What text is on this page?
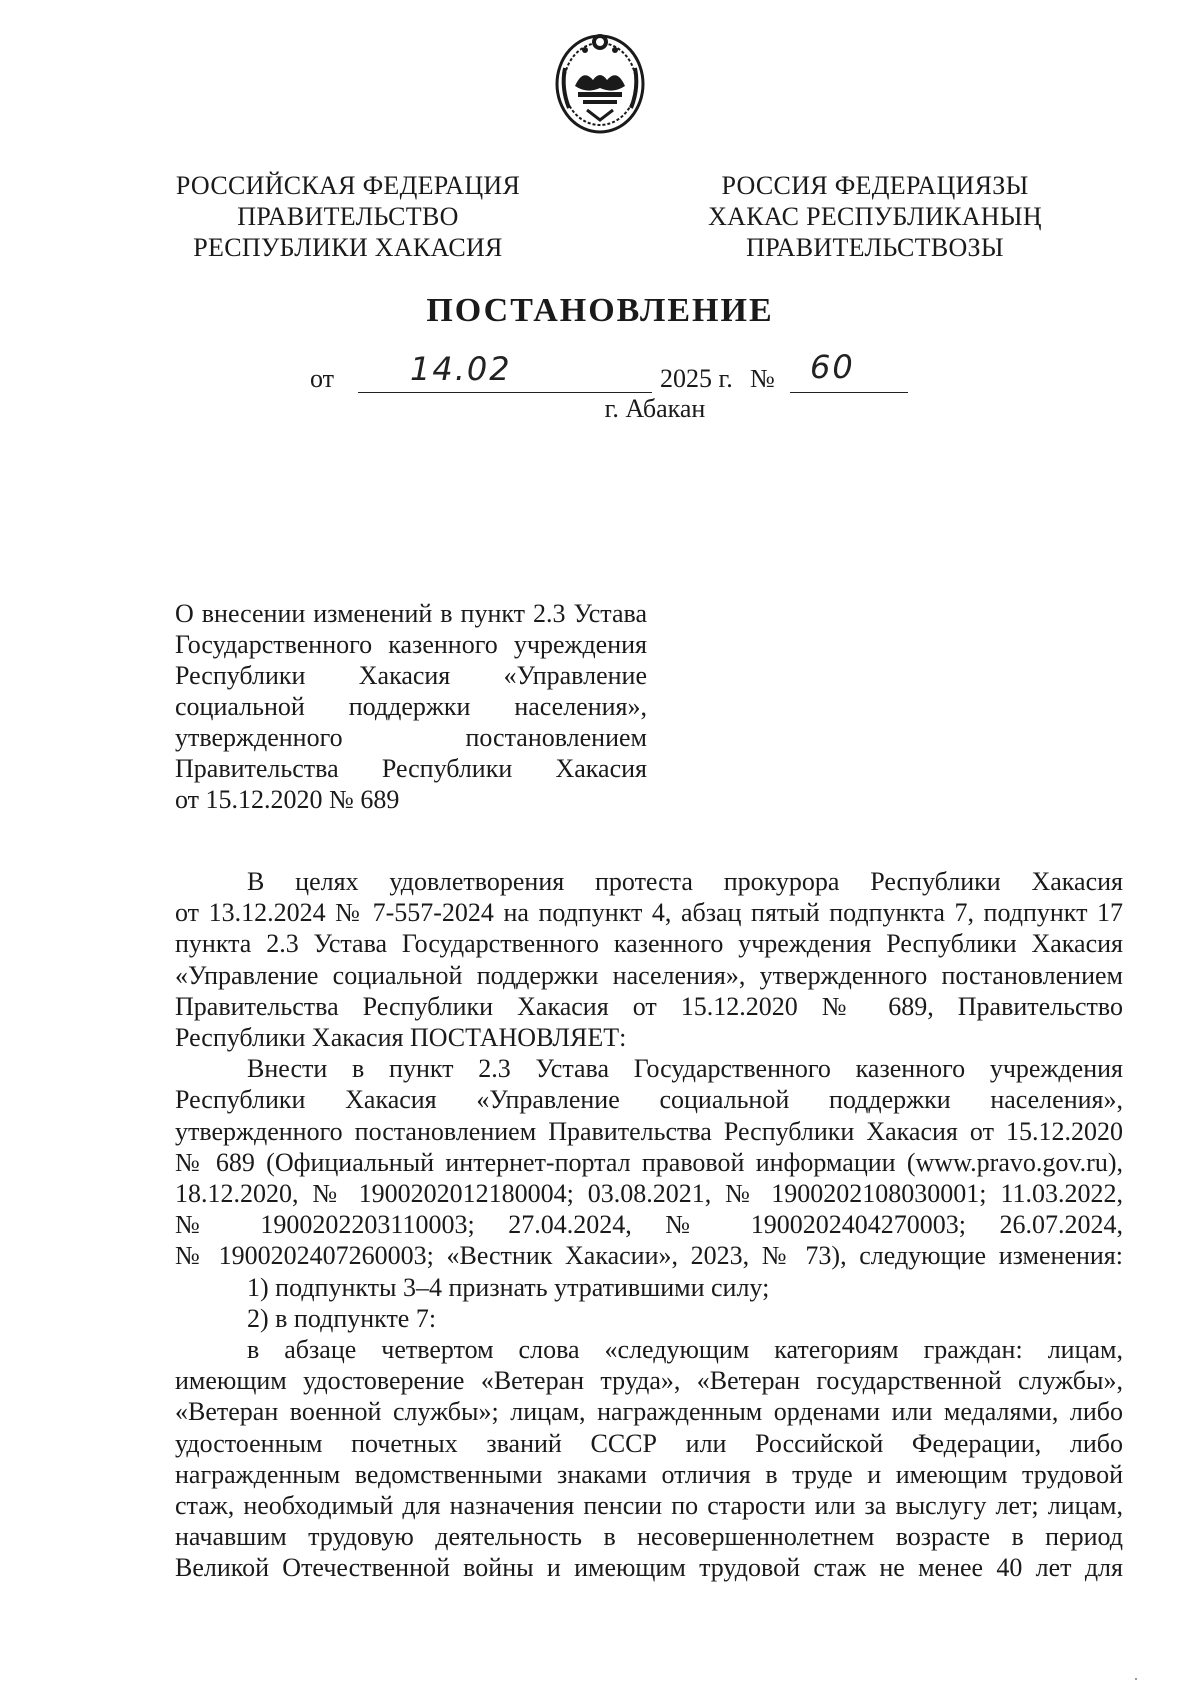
РОССИЙСКАЯ ФЕДЕРАЦИЯ
ПРАВИТЕЛЬСТВО
РЕСПУБЛИКИ ХАКАСИЯ
РОССИЯ ФЕДЕРАЦИЯЗЫ
ХАКАС РЕСПУБЛИКАНЫҢ
ПРАВИТЕЛЬСТВОЗЫ
ПОСТАНОВЛЕНИЕ
от 14.02	2025 г. № 60
г. Абакан
О внесении изменений в пункт 2.3 Устава
Государственного казенного учреждения
Республики Хакасия «Управление
социальной поддержки населения»,
утвержденного постановлением
Правительства Республики Хакасия
от 15.12.2020 № 689
В целях удовлетворения протеста прокурора Республики Хакасия
от 13.12.2024 № 7-557-2024 на подпункт 4, абзац пятый подпункта 7, подпункт 17
пункта 2.3 Устава Государственного казенного учреждения Республики Хакасия
«Управление социальной поддержки населения», утвержденного постановлением
Правительства Республики Хакасия от 15.12.2020 № 689, Правительство
Республики Хакасия ПОСТАНОВЛЯЕТ:
Внести в пункт 2.3 Устава Государственного казенного учреждения
Республики Хакасия «Управление социальной поддержки населения»,
утвержденного постановлением Правительства Республики Хакасия от 15.12.2020
№ 689 (Официальный интернет-портал правовой информации (www.pravo.gov.ru),
18.12.2020, № 1900202012180004; 03.08.2021, № 1900202108030001; 11.03.2022,
№ 1900202203110003; 27.04.2024, № 1900202404270003; 26.07.2024,
№ 1900202407260003; «Вестник Хакасии», 2023, № 73), следующие изменения:
1) подпункты 3–4 признать утратившими силу;
2) в подпункте 7:
в абзаце четвертом слова «следующим категориям граждан: лицам,
имеющим удостоверение «Ветеран труда», «Ветеран государственной службы»,
«Ветеран военной службы»; лицам, награжденным орденами или медалями, либо
удостоенным почетных званий СССР или Российской Федерации, либо
награжденным ведомственными знаками отличия в труде и имеющим трудовой
стаж, необходимый для назначения пенсии по старости или за выслугу лет; лицам,
начавшим трудовую деятельность в несовершеннолетнем возрасте в период
Великой Отечественной войны и имеющим трудовой стаж не менее 40 лет для
